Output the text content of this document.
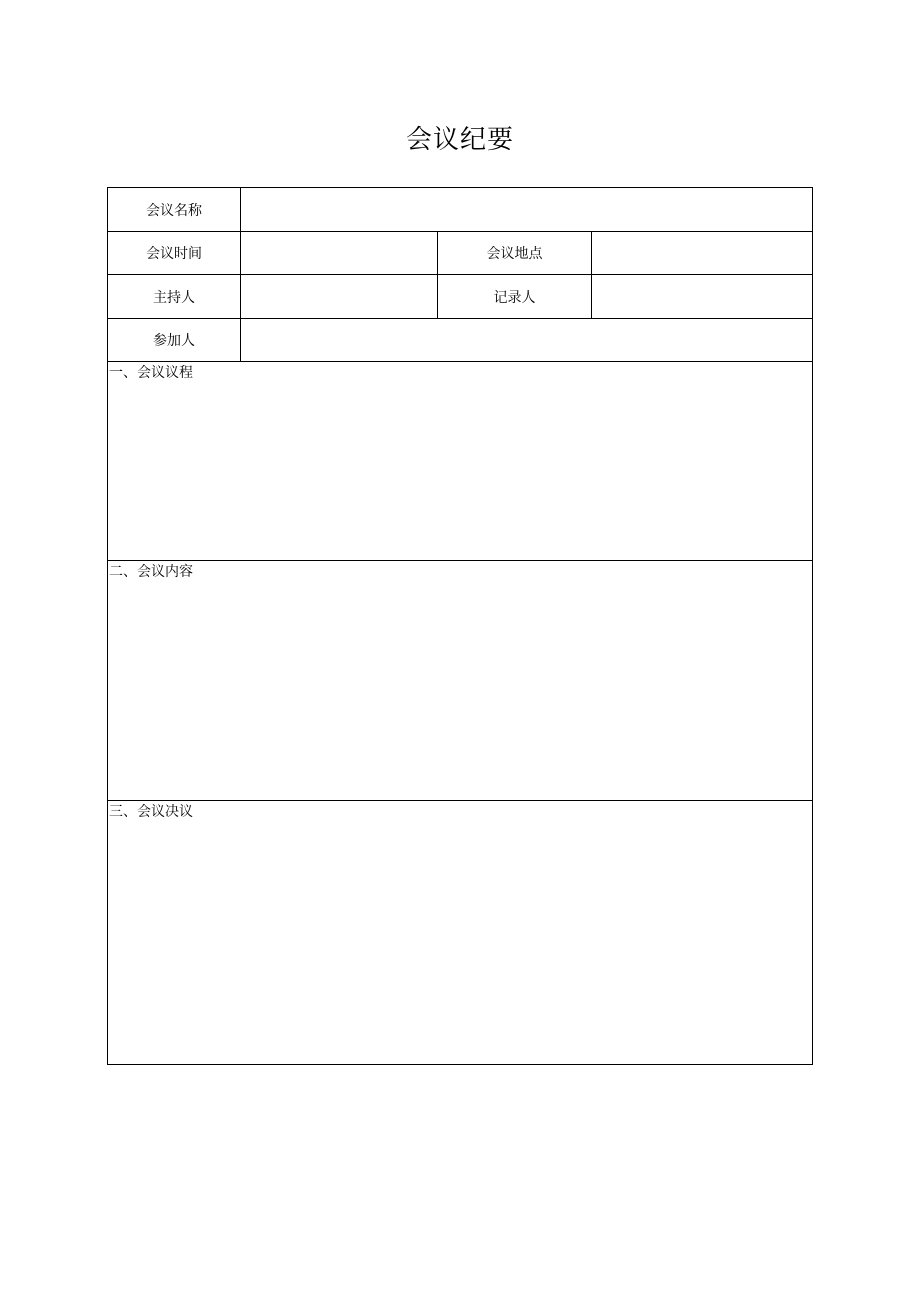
会议纪要
会议名称			
会议时间		会议地点	
主持人		记录人	
参加人			

一、会议议程			

二、会议内容			

三、会议决议			
